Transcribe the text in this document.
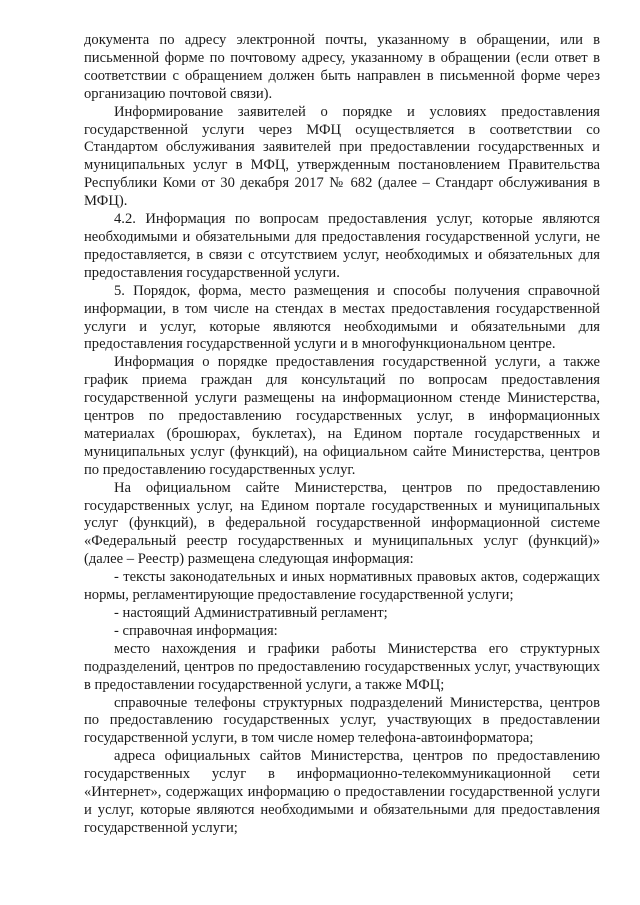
документа по адресу электронной почты, указанному в обращении, или в письменной форме по почтовому адресу, указанному в обращении (если ответ в соответствии с обращением должен быть направлен в письменной форме через организацию почтовой связи).

Информирование заявителей о порядке и условиях предоставления государственной услуги через МФЦ осуществляется в соответствии со Стандартом обслуживания заявителей при предоставлении государственных и муниципальных услуг в МФЦ, утвержденным постановлением Правительства Республики Коми от 30 декабря 2017 № 682 (далее – Стандарт обслуживания в МФЦ).

4.2. Информация по вопросам предоставления услуг, которые являются необходимыми и обязательными для предоставления государственной услуги, не предоставляется, в связи с отсутствием услуг, необходимых и обязательных для предоставления государственной услуги.

5. Порядок, форма, место размещения и способы получения справочной информации, в том числе на стендах в местах предоставления государственной услуги и услуг, которые являются необходимыми и обязательными для предоставления государственной услуги и в многофункциональном центре.

Информация о порядке предоставления государственной услуги, а также график приема граждан для консультаций по вопросам предоставления государственной услуги размещены на информационном стенде Министерства, центров по предоставлению государственных услуг, в информационных материалах (брошюрах, буклетах), на Едином портале государственных и муниципальных услуг (функций), на официальном сайте Министерства, центров по предоставлению государственных услуг.

На официальном сайте Министерства, центров по предоставлению государственных услуг, на Едином портале государственных и муниципальных услуг (функций), в федеральной государственной информационной системе «Федеральный реестр государственных и муниципальных услуг (функций)» (далее – Реестр) размещена следующая информация:

- тексты законодательных и иных нормативных правовых актов, содержащих нормы, регламентирующие предоставление государственной услуги;

- настоящий Административный регламент;

- справочная информация:

место нахождения и графики работы Министерства его структурных подразделений, центров по предоставлению государственных услуг, участвующих в предоставлении государственной услуги, а также МФЦ;

справочные телефоны структурных подразделений Министерства, центров по предоставлению государственных услуг, участвующих в предоставлении государственной услуги, в том числе номер телефона-автоинформатора;

адреса официальных сайтов Министерства, центров по предоставлению государственных услуг в информационно-телекоммуникационной сети «Интернет», содержащих информацию о предоставлении государственной услуги и услуг, которые являются необходимыми и обязательными для предоставления государственной услуги;
